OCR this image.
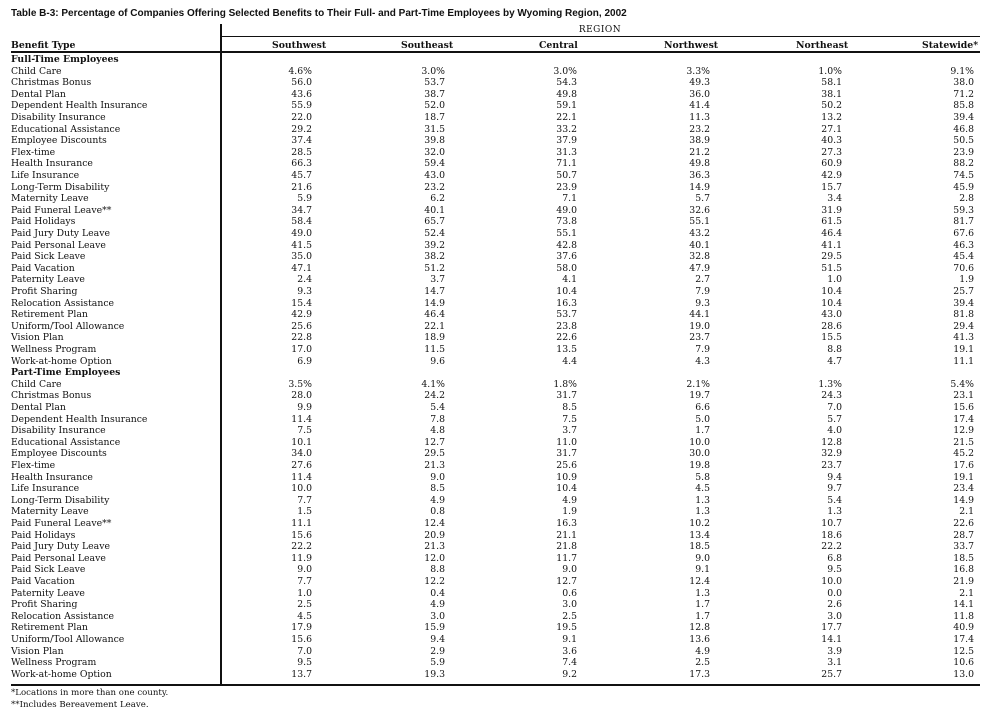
Table B-3: Percentage of Companies Offering Selected Benefits to Their Full- and Part-Time Employees by Wyoming Region, 2002
REGION
Benefit Type	Southwest	Southeast	Central	Northwest	Northeast	Statewide*
Full-Time Employees
Child Care	4.6%	3.0%	3.0%	3.3%	1.0%	9.1%
Christmas Bonus	56.0	53.7	54.3	49.3	58.1	38.0
Dental Plan	43.6	38.7	49.8	36.0	38.1	71.2
Dependent Health Insurance	55.9	52.0	59.1	41.4	50.2	85.8
Disability Insurance	22.0	18.7	22.1	11.3	13.2	39.4
Educational Assistance	29.2	31.5	33.2	23.2	27.1	46.8
Employee Discounts	37.4	39.8	37.9	38.9	40.3	50.5
Flex-time	28.5	32.0	31.3	21.2	27.3	23.9
Health Insurance	66.3	59.4	71.1	49.8	60.9	88.2
Life Insurance	45.7	43.0	50.7	36.3	42.9	74.5
Long-Term Disability	21.6	23.2	23.9	14.9	15.7	45.9
Maternity Leave	5.9	6.2	7.1	5.7	3.4	2.8
Paid Funeral Leave**	34.7	40.1	49.0	32.6	31.9	59.3
Paid Holidays	58.4	65.7	73.8	55.1	61.5	81.7
Paid Jury Duty Leave	49.0	52.4	55.1	43.2	46.4	67.6
Paid Personal Leave	41.5	39.2	42.8	40.1	41.1	46.3
Paid Sick Leave	35.0	38.2	37.6	32.8	29.5	45.4
Paid Vacation	47.1	51.2	58.0	47.9	51.5	70.6
Paternity Leave	2.4	3.7	4.1	2.7	1.0	1.9
Profit Sharing	9.3	14.7	10.4	7.9	10.4	25.7
Relocation Assistance	15.4	14.9	16.3	9.3	10.4	39.4
Retirement Plan	42.9	46.4	53.7	44.1	43.0	81.8
Uniform/Tool Allowance	25.6	22.1	23.8	19.0	28.6	29.4
Vision Plan	22.8	18.9	22.6	23.7	15.5	41.3
Wellness Program	17.0	11.5	13.5	7.9	8.8	19.1
Work-at-home Option	6.9	9.6	4.4	4.3	4.7	11.1
Part-Time Employees
Child Care	3.5%	4.1%	1.8%	2.1%	1.3%	5.4%
Christmas Bonus	28.0	24.2	31.7	19.7	24.3	23.1
Dental Plan	9.9	5.4	8.5	6.6	7.0	15.6
Dependent Health Insurance	11.4	7.8	7.5	5.0	5.7	17.4
Disability Insurance	7.5	4.8	3.7	1.7	4.0	12.9
Educational Assistance	10.1	12.7	11.0	10.0	12.8	21.5
Employee Discounts	34.0	29.5	31.7	30.0	32.9	45.2
Flex-time	27.6	21.3	25.6	19.8	23.7	17.6
Health Insurance	11.4	9.0	10.9	5.8	9.4	19.1
Life Insurance	10.0	8.5	10.4	4.5	9.7	23.4
Long-Term Disability	7.7	4.9	4.9	1.3	5.4	14.9
Maternity Leave	1.5	0.8	1.9	1.3	1.3	2.1
Paid Funeral Leave**	11.1	12.4	16.3	10.2	10.7	22.6
Paid Holidays	15.6	20.9	21.1	13.4	18.6	28.7
Paid Jury Duty Leave	22.2	21.3	21.8	18.5	22.2	33.7
Paid Personal Leave	11.9	12.0	11.7	9.0	6.8	18.5
Paid Sick Leave	9.0	8.8	9.0	9.1	9.5	16.8
Paid Vacation	7.7	12.2	12.7	12.4	10.0	21.9
Paternity Leave	1.0	0.4	0.6	1.3	0.0	2.1
Profit Sharing	2.5	4.9	3.0	1.7	2.6	14.1
Relocation Assistance	4.5	3.0	2.5	1.7	3.0	11.8
Retirement Plan	17.9	15.9	19.5	12.8	17.7	40.9
Uniform/Tool Allowance	15.6	9.4	9.1	13.6	14.1	17.4
Vision Plan	7.0	2.9	3.6	4.9	3.9	12.5
Wellness Program	9.5	5.9	7.4	2.5	3.1	10.6
Work-at-home Option	13.7	19.3	9.2	17.3	25.7	13.0
*Locations in more than one county.
**Includes Bereavement Leave.
